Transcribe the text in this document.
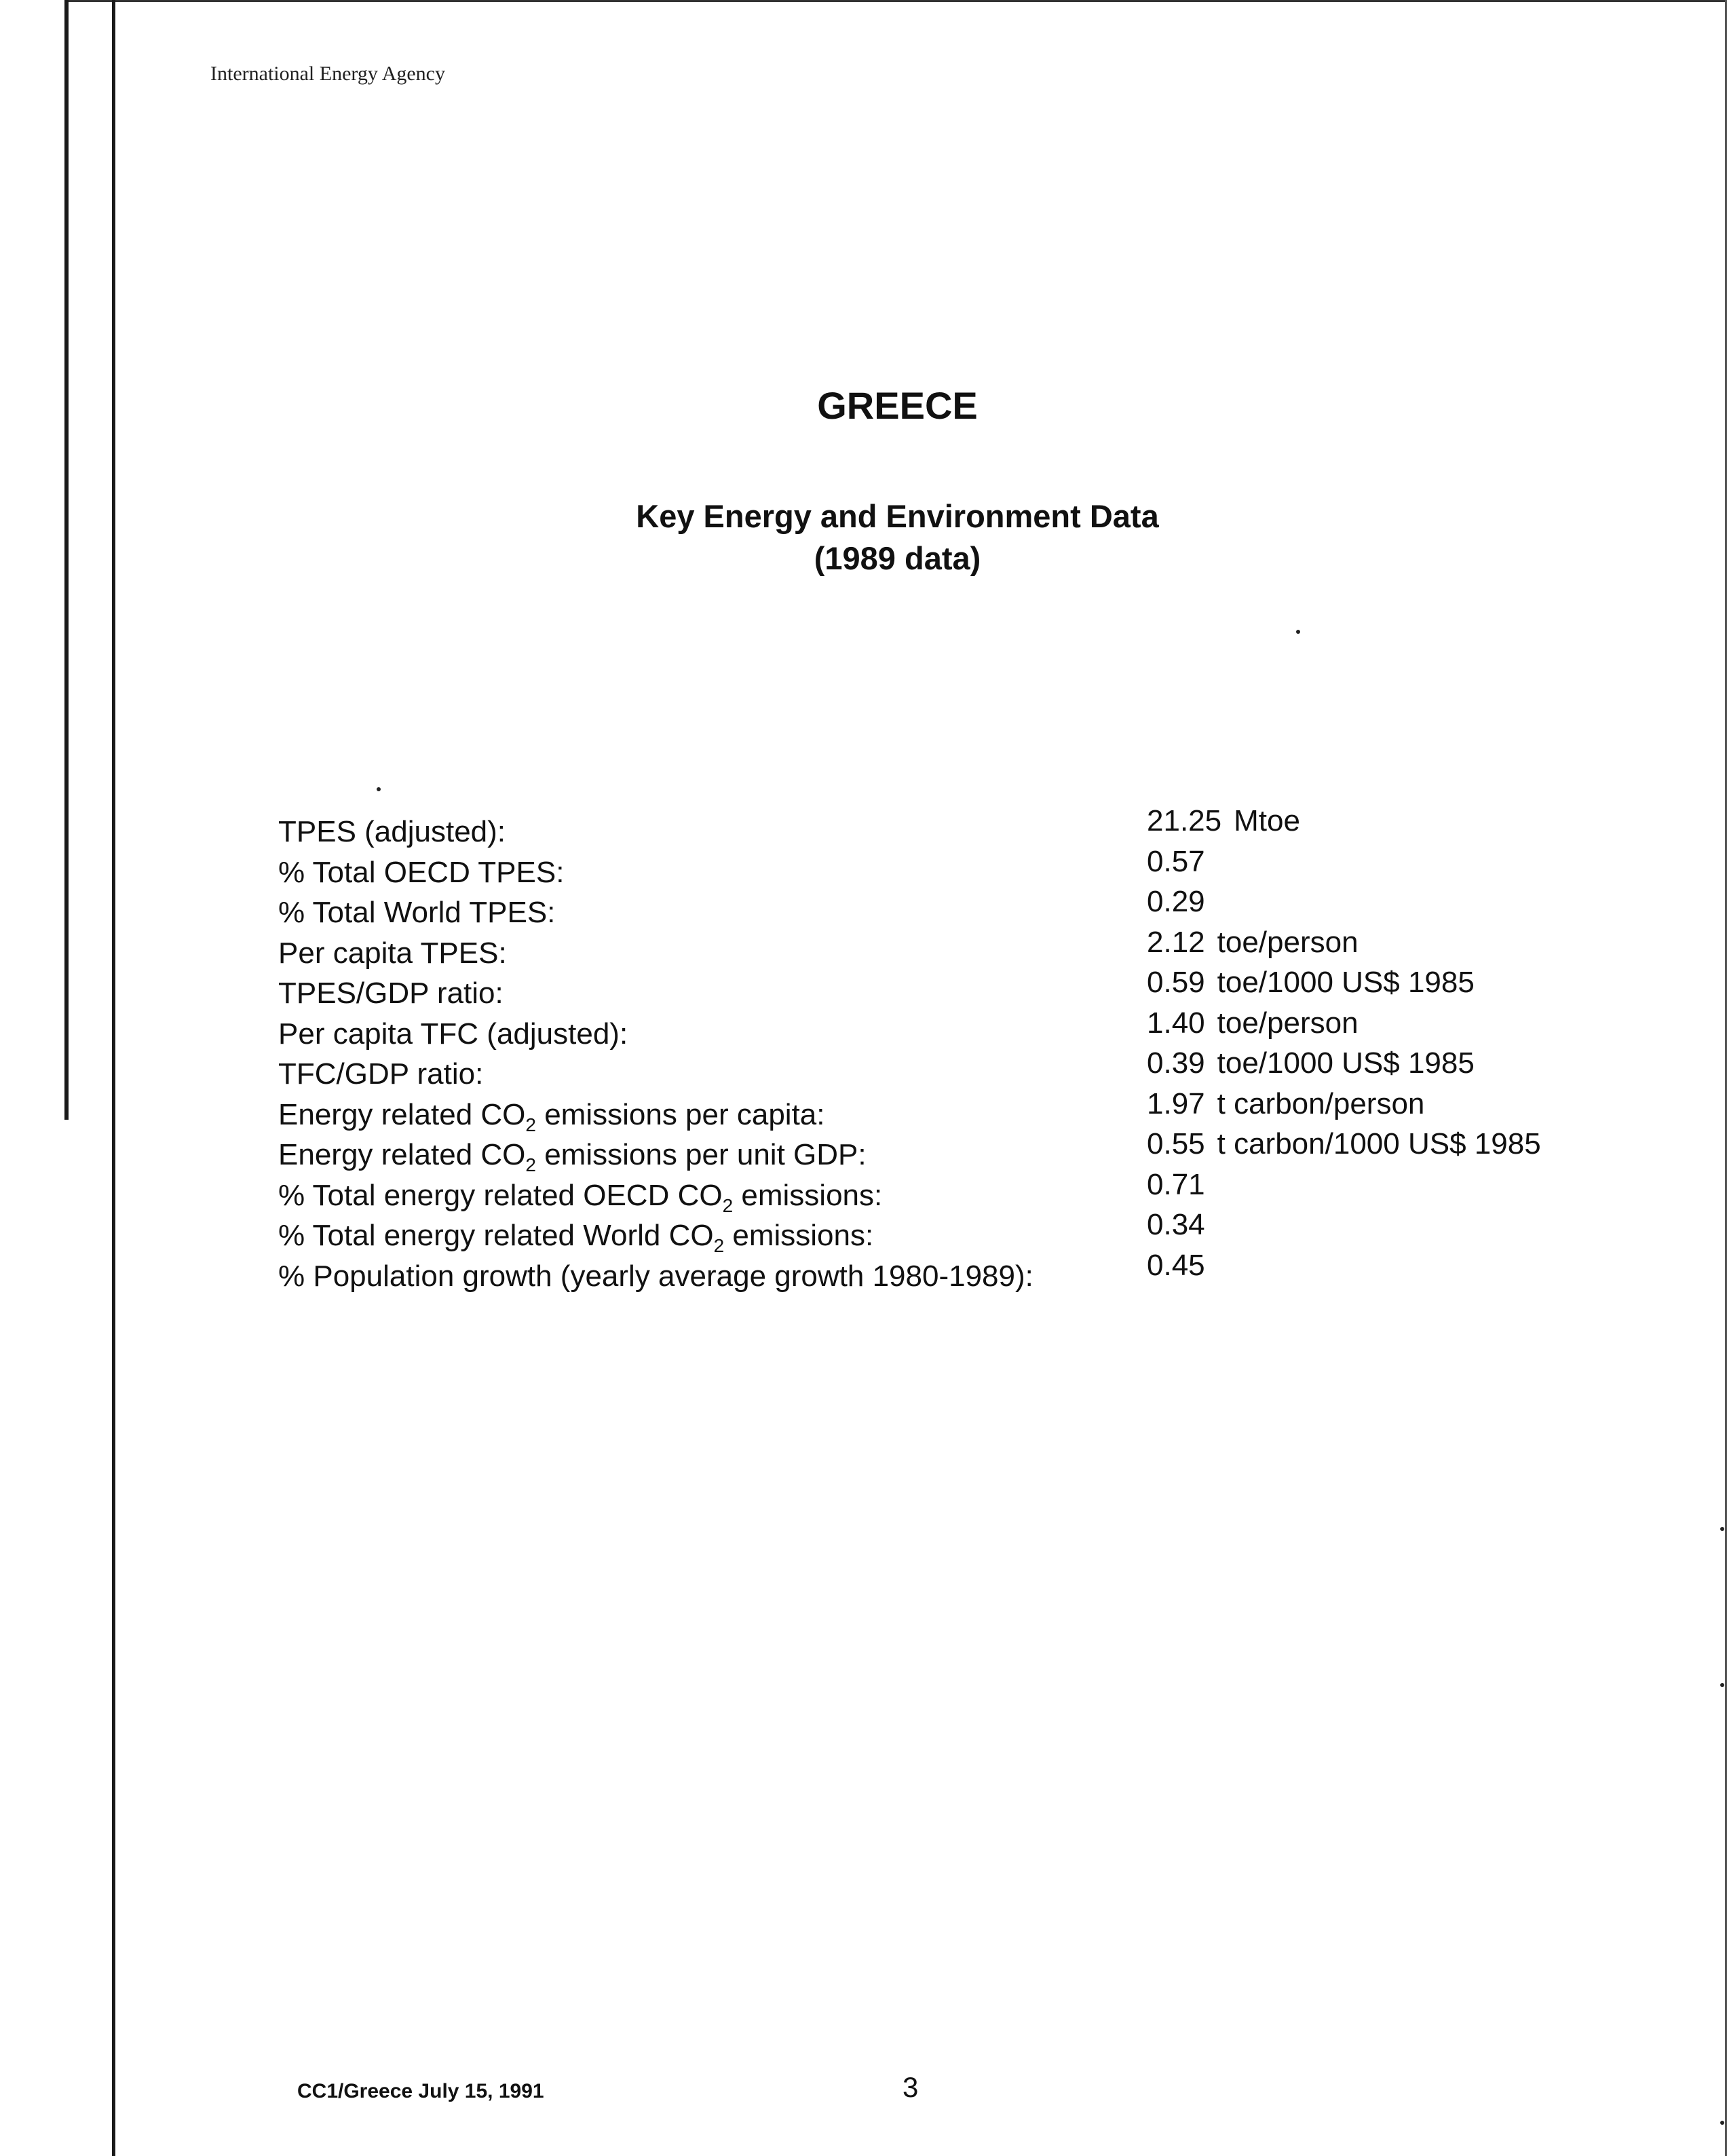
International Energy Agency
GREECE
Key Energy and Environment Data
(1989 data)
TPES (adjusted):	21.25 Mtoe
% Total OECD TPES:	0.57
% Total World TPES:	0.29
Per capita TPES:	2.12 toe/person
TPES/GDP ratio:	0.59 toe/1000 US$ 1985
Per capita TFC (adjusted):	1.40 toe/person
TFC/GDP ratio:	0.39 toe/1000 US$ 1985
Energy related $CO_2$ emissions per capita:	1.97 t carbon/person
Energy related $CO_2$ emissions per unit GDP:	0.55 t carbon/1000 US$ 1985
% Total energy related OECD $CO_2$ emissions:	0.71
% Total energy related World $CO_2$ emissions:	0.34
% Population growth (yearly average growth 1980-1989):	0.45
CC1/Greece July 15, 1991	3
